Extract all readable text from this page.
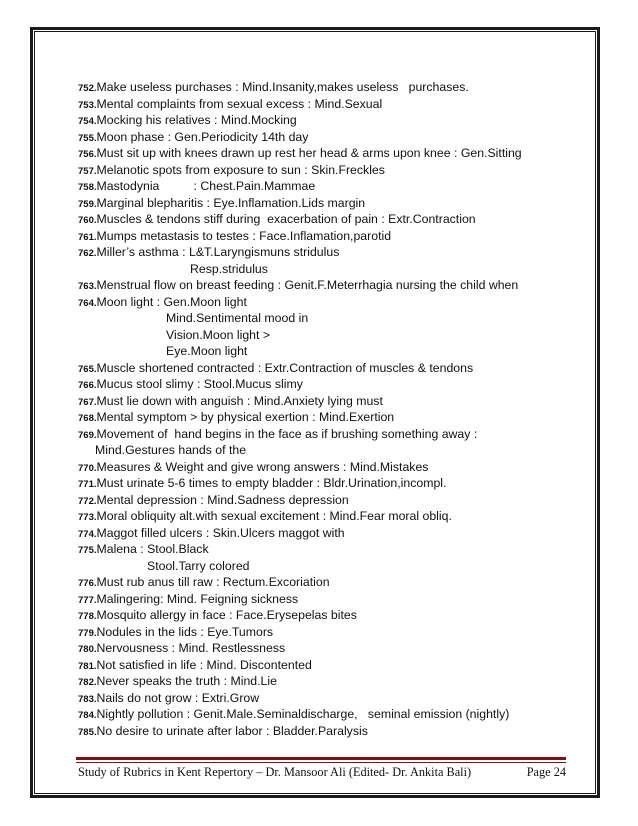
752.Make useless purchases : Mind.Insanity,makes useless   purchases.
753.Mental complaints from sexual excess : Mind.Sexual
754.Mocking his relatives : Mind.Mocking
755.Moon phase : Gen.Periodicity 14th day
756.Must sit up with knees drawn up rest her head & arms upon knee : Gen.Sitting
757.Melanotic spots from exposure to sun : Skin.Freckles
758.Mastodynia          : Chest.Pain.Mammae
759.Marginal blepharitis : Eye.Inflamation.Lids margin
760.Muscles & tendons stiff during  exacerbation of pain : Extr.Contraction
761.Mumps metastasis to testes : Face.Inflamation,parotid
762.Miller’s asthma : L&T.Laryngismuns stridulus
Resp.stridulus
763.Menstrual flow on breast feeding : Genit.F.Meterrhagia nursing the child when
764.Moon light : Gen.Moon light
Mind.Sentimental mood in
Vision.Moon light >
Eye.Moon light
765.Muscle shortened contracted : Extr.Contraction of muscles & tendons
766.Mucus stool slimy : Stool.Mucus slimy
767.Must lie down with anguish : Mind.Anxiety lying must
768.Mental symptom > by physical exertion : Mind.Exertion
769.Movement of  hand begins in the face as if brushing something away :
Mind.Gestures hands of the
770.Measures & Weight and give wrong answers : Mind.Mistakes
771.Must urinate 5-6 times to empty bladder : Bldr.Urination,incompl.
772.Mental depression : Mind.Sadness depression
773.Moral obliquity alt.with sexual excitement : Mind.Fear moral obliq.
774.Maggot filled ulcers : Skin.Ulcers maggot with
775.Malena : Stool.Black
Stool.Tarry colored
776.Must rub anus till raw : Rectum.Excoriation
777.Malingering: Mind. Feigning sickness
778.Mosquito allergy in face : Face.Erysepelas bites
779.Nodules in the lids : Eye.Tumors
780.Nervousness : Mind. Restlessness
781.Not satisfied in life : Mind. Discontented
782.Never speaks the truth : Mind.Lie
783.Nails do not grow : Extri.Grow
784.Nightly pollution : Genit.Male.Seminaldischarge,   seminal emission (nightly)
785.No desire to urinate after labor : Bladder.Paralysis
Study of Rubrics in Kent Repertory – Dr. Mansoor Ali (Edited- Dr. Ankita Bali)	Page 24
